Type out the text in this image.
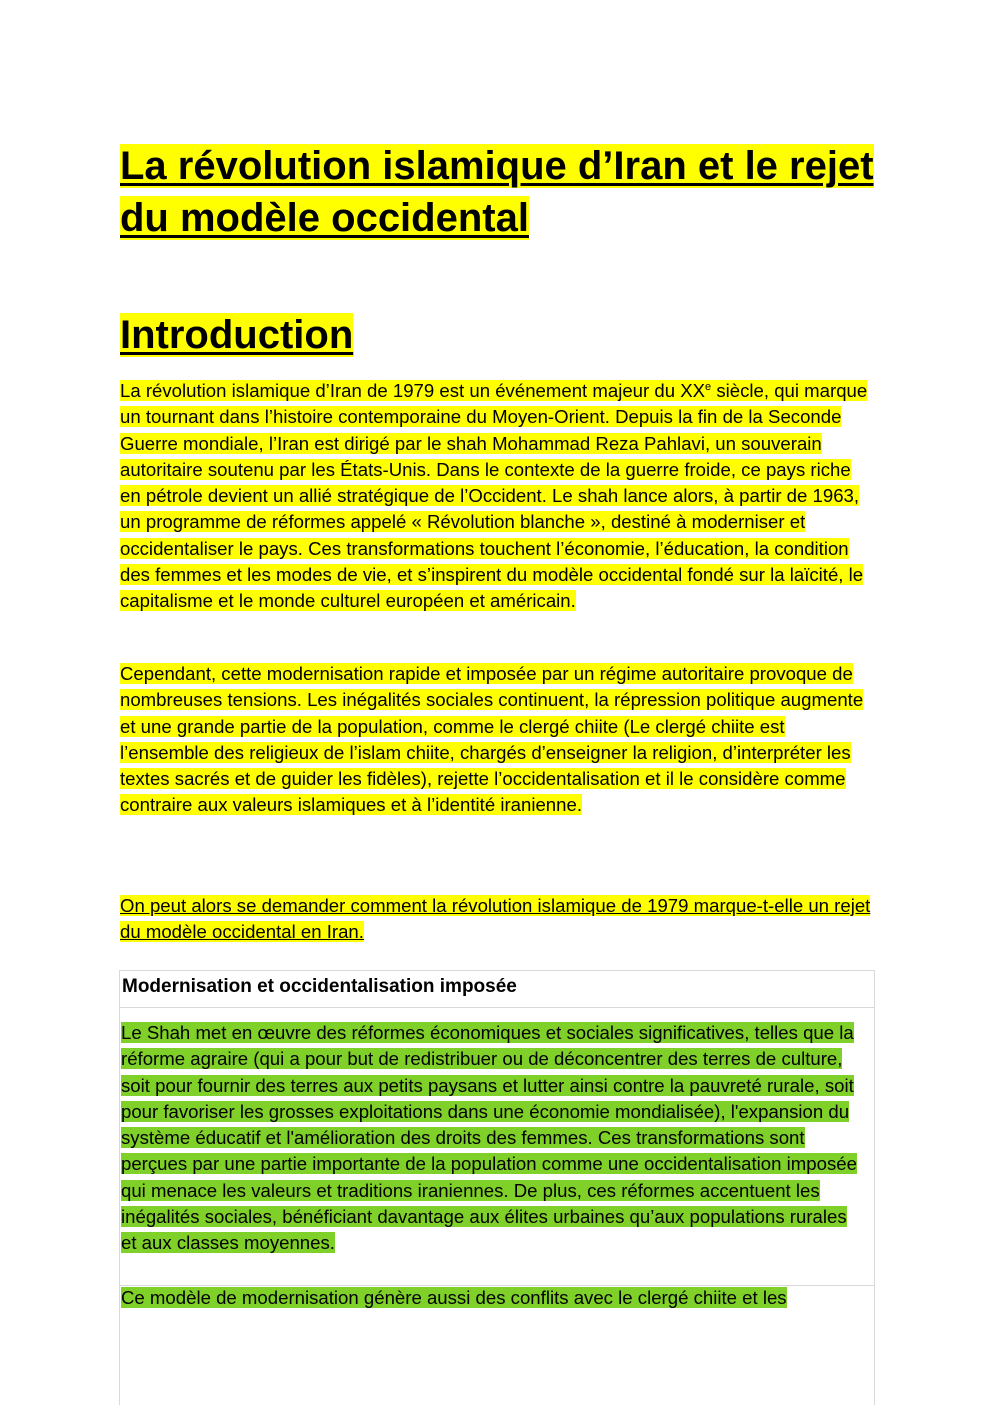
La révolution islamique d’Iran et le rejet du modèle occidental
Introduction

La révolution islamique d’Iran de 1979 est un événement majeur du XXe siècle, qui marque un tournant dans l’histoire contemporaine du Moyen-Orient. Depuis la fin de la Seconde Guerre mondiale, l’Iran est dirigé par le shah Mohammad Reza Pahlavi, un souverain autoritaire soutenu par les États-Unis. Dans le contexte de la guerre froide, ce pays riche en pétrole devient un allié stratégique de l’Occident. Le shah lance alors, à partir de 1963, un programme de réformes appelé « Révolution blanche », destiné à moderniser et occidentaliser le pays. Ces transformations touchent l’économie, l’éducation, la condition des femmes et les modes de vie, et s’inspirent du modèle occidental fondé sur la laïcité, le capitalisme et le monde culturel européen et américain.

Cependant, cette modernisation rapide et imposée par un régime autoritaire provoque de nombreuses tensions. Les inégalités sociales continuent, la répression politique augmente et une grande partie de la population, comme le clergé chiite (Le clergé chiite est l’ensemble des religieux de l’islam chiite, chargés d’enseigner la religion, d’interpréter les textes sacrés et de guider les fidèles), rejette l’occidentalisation et il le considère comme contraire aux valeurs islamiques et à l’identité iranienne.

On peut alors se demander comment la révolution islamique de 1979 marque-t-elle un rejet du modèle occidental en Iran.

Modernisation et occidentalisation imposée

Le Shah met en œuvre des réformes économiques et sociales significatives, telles que la réforme agraire (qui a pour but de redistribuer ou de déconcentrer des terres de culture, soit pour fournir des terres aux petits paysans et lutter ainsi contre la pauvreté rurale, soit pour favoriser les grosses exploitations dans une économie mondialisée), l'expansion du système éducatif et l'amélioration des droits des femmes. Ces transformations sont perçues par une partie importante de la population comme une occidentalisation imposée qui menace les valeurs et traditions iraniennes. De plus, ces réformes accentuent les inégalités sociales, bénéficiant davantage aux élites urbaines qu’aux populations rurales et aux classes moyennes.

Ce modèle de modernisation génère aussi des conflits avec le clergé chiite et les
